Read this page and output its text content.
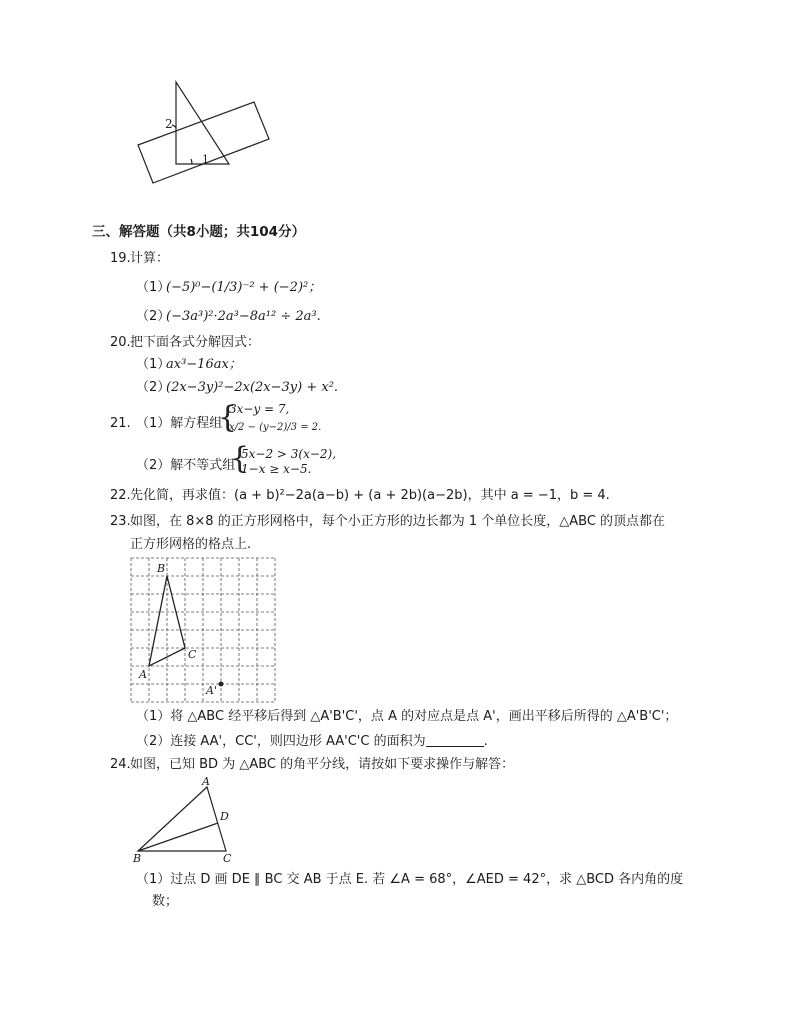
1
2
三、解答题（共8小题；共104分）
19. 计算：
（1）
(−5)⁰−(1/3)⁻² + (−2)²；
（2）
(−3a³)²·2a³−8a¹² ÷ 2a³.
20. 把下面各式分解因式：
（1）
ax³−16ax；
（2）
(2x−3y)²−2x(2x−3y) + x².
21. （1）解方程组
{
3x−y = 7,
x/2 − (y−2)/3 = 2.
（2）解不等式组
{
5x−2 > 3(x−2),
1−x ≥ x−5.
22. 先化简，再求值：(a + b)²−2a(a−b) + (a + 2b)(a−2b)，其中 a = −1，b = 4.
23. 如图，在 8×8 的正方形网格中，每个小正方形的边长都为 1 个单位长度，△ABC 的顶点都在
正方形网格的格点上.
A
B
C
A'
（1）将 △ABC 经平移后得到 △A'B'C'，点 A 的对应点是点 A'，画出平移后所得的 △A'B'C'；
（2）连接 AA'，CC'，则四边形 AA'C'C 的面积为	.
24. 如图，已知 BD 为 △ABC 的角平分线，请按如下要求操作与解答：
A
B	C
D
（1）过点 D 画 DE ∥ BC 交 AB 于点 E. 若 ∠A = 68°，∠AED = 42°，求 △BCD 各内角的度
数；
